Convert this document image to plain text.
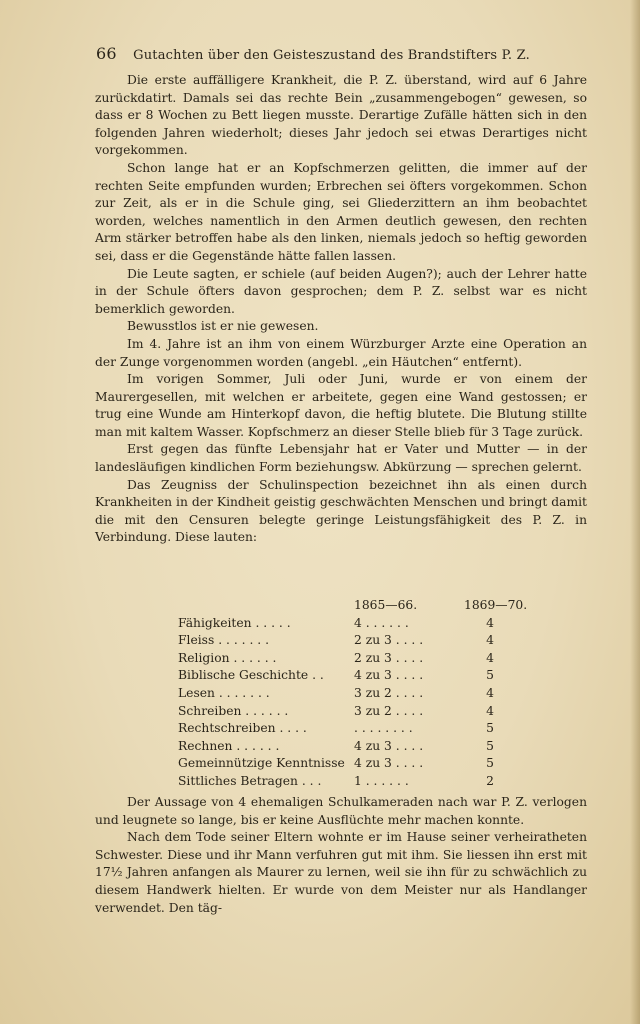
66 Gutachten über den Geisteszustand des Brandstifters P. Z.

Die erste auffälligere Krankheit, die P. Z. überstand, wird auf 6 Jahre zurückdatirt. Damals sei das rechte Bein „zusammengebogen“ gewesen, so dass er 8 Wochen zu Bett liegen musste. Derartige Zufälle hätten sich in den folgenden Jahren wiederholt; dieses Jahr jedoch sei etwas Derartiges nicht vorgekommen.

Schon lange hat er an Kopfschmerzen gelitten, die immer auf der rechten Seite empfunden wurden; Erbrechen sei öfters vorgekommen. Schon zur Zeit, als er in die Schule ging, sei Gliederzittern an ihm beobachtet worden, welches namentlich in den Armen deutlich gewesen, den rechten Arm stärker betroffen habe als den linken, niemals jedoch so heftig geworden sei, dass er die Gegenstände hätte fallen lassen.

Die Leute sagten, er schiele (auf beiden Augen?); auch der Lehrer hatte in der Schule öfters davon gesprochen; dem P. Z. selbst war es nicht bemerklich geworden.

Bewusstlos ist er nie gewesen.

Im 4. Jahre ist an ihm von einem Würzburger Arzte eine Operation an der Zunge vorgenommen worden (angebl. „ein Häutchen“ entfernt).

Im vorigen Sommer, Juli oder Juni, wurde er von einem der Maurergesellen, mit welchen er arbeitete, gegen eine Wand gestossen; er trug eine Wunde am Hinterkopf davon, die heftig blutete. Die Blutung stillte man mit kaltem Wasser. Kopfschmerz an dieser Stelle blieb für 3 Tage zurück.

Erst gegen das fünfte Lebensjahr hat er Vater und Mutter — in der landesläufigen kindlichen Form beziehungsw. Abkürzung — sprechen gelernt.

Das Zeugniss der Schulinspection bezeichnet ihn als einen durch Krankheiten in der Kindheit geistig geschwächten Menschen und bringt damit die mit den Censuren belegte geringe Leistungsfähigkeit des P. Z. in Verbindung. Diese lauten:

1865—66.	1869—70.
Fähigkeiten . . . . .	4 . . . . . .	4
Fleiss . . . . . . .	2 zu 3 . . . .	4
Religion . . . . . .	2 zu 3 . . . .	4
Biblische Geschichte . .	4 zu 3 . . . .	5
Lesen . . . . . . .	3 zu 2 . . . .	4
Schreiben . . . . . .	3 zu 2 . . . .	4
Rechtschreiben . . . .	. . . . . . . .	5
Rechnen . . . . . .	4 zu 3 . . . .	5
Gemeinnützige Kenntnisse 4 zu 3 . . . .	5
Sittliches Betragen . . .	1 . . . . . .	2

Der Aussage von 4 ehemaligen Schulkameraden nach war P. Z. verlogen und leugnete so lange, bis er keine Ausflüchte mehr machen konnte.

Nach dem Tode seiner Eltern wohnte er im Hause seiner verheiratheten Schwester. Diese und ihr Mann verfuhren gut mit ihm. Sie liessen ihn erst mit 17½ Jahren anfangen als Maurer zu lernen, weil sie ihn für zu schwächlich zu diesem Handwerk hielten. Er wurde von dem Meister nur als Handlanger verwendet. Den täg-
